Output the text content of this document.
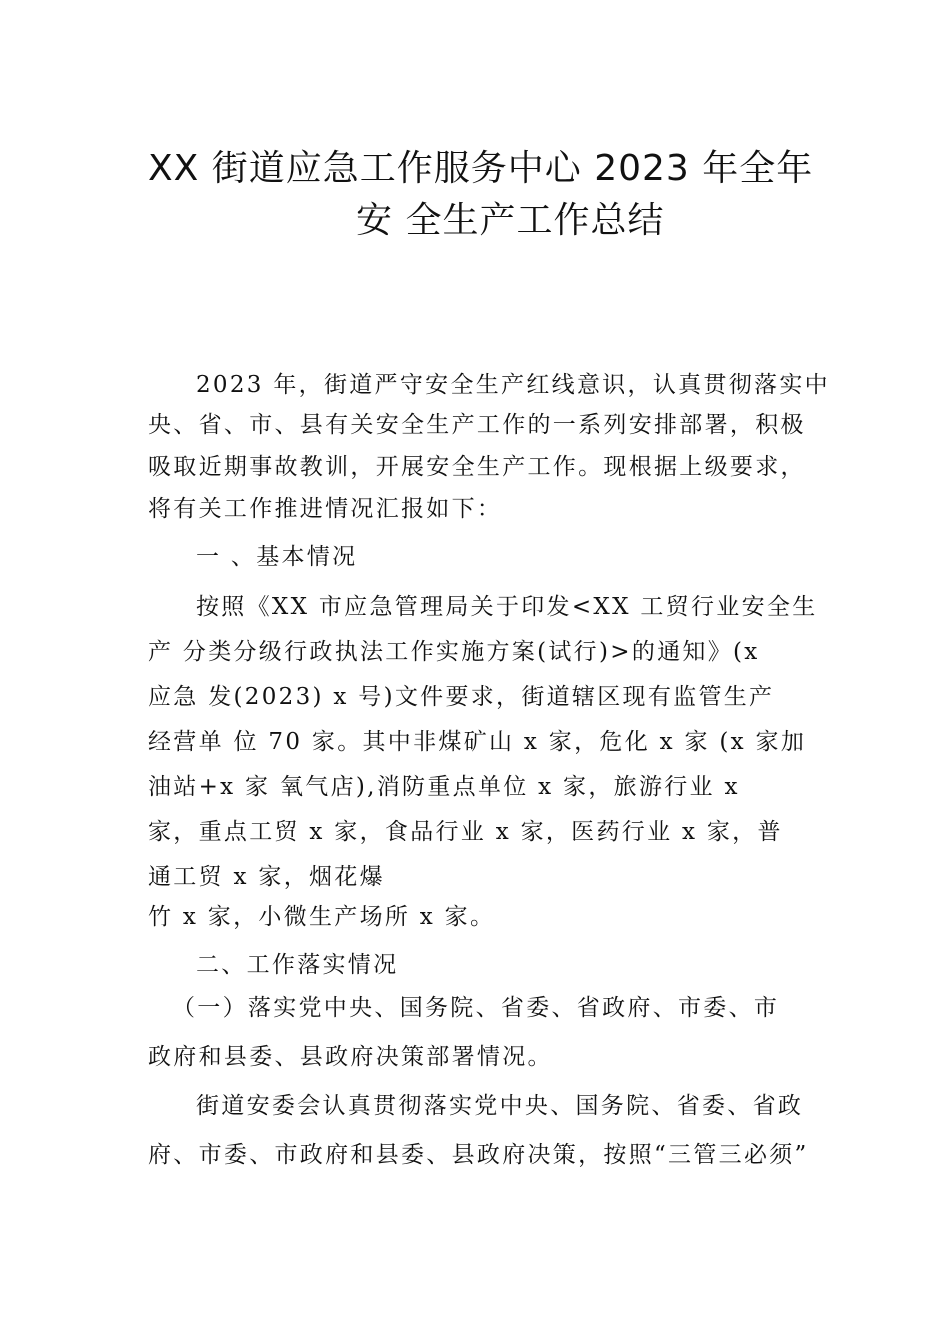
XX 街道应急工作服务中心 2023 年全年
安 全生产工作总结
2023 年，街道严守安全生产红线意识，认真贯彻落实中
央、省、市、县有关安全生产工作的一系列安排部署，积极
吸取近期事故教训，开展安全生产工作。现根据上级要求，
将有关工作推进情况汇报如下：
一 、基本情况
按照《XX 市应急管理局关于印发<XX 工贸行业安全生
产 分类分级行政执法工作实施方案(试行)>的通知》(x
应急 发(2023) x 号)文件要求，街道辖区现有监管生产
经营单 位 70 家。其中非煤矿山 x 家，危化 x 家 (x 家加
油站+x 家 氧气店),消防重点单位 x 家，旅游行业 x
家，重点工贸 x 家，食品行业 x 家，医药行业 x 家，普
通工贸 x 家，烟花爆
竹 x 家，小微生产场所 x 家。
二、工作落实情况
（一）落实党中央、国务院、省委、省政府、市委、市
政府和县委、县政府决策部署情况。
街道安委会认真贯彻落实党中央、国务院、省委、省政
府、市委、市政府和县委、县政府决策，按照“三管三必须”
